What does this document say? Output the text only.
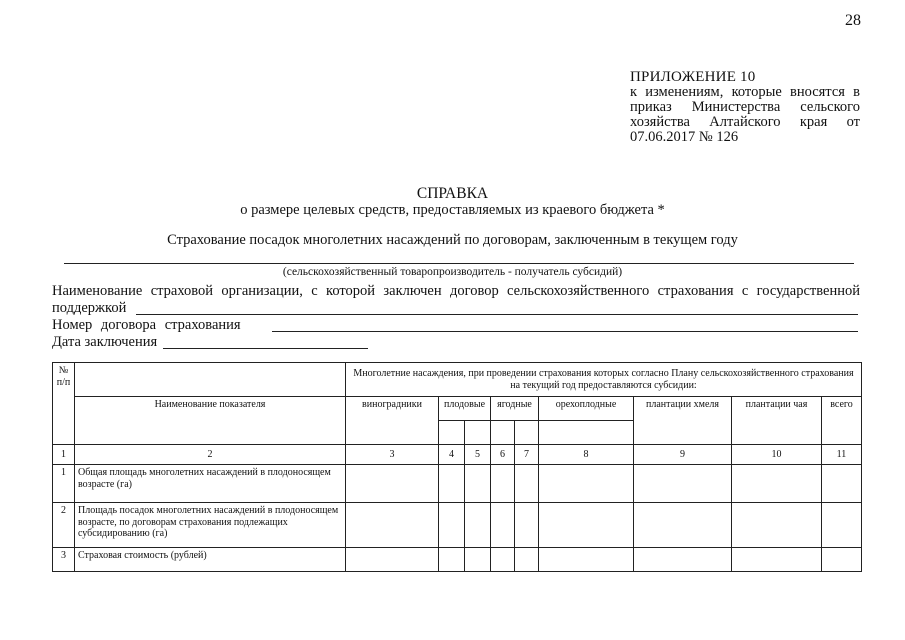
28
ПРИЛОЖЕНИЕ 10
к изменениям, которые вносятся в
приказ Министерства сельского
хозяйства Алтайского края от
07.06.2017 № 126
СПРАВКА
о размере целевых средств, предоставляемых из краевого бюджета *
Страхование посадок многолетних насаждений по договорам, заключенным в текущем году
(сельскохозяйственный товаропроизводитель - получатель субсидий)
Наименование страховой организации, с которой заключен договор сельскохозяйственного страхования с государственной
поддержкой
Номер договора страхования
Дата заключения
№ п/п		Многолетние насаждения, при проведении страхования которых согласно Плану сельскохозяйственного страхования на текущий год предоставляются субсидии:								
	Наименование показателя	виноградники	плодовые		ягодные		орехоплодные	плантации хмеля	плантации чая	всего

1	2	3	4	5	6	7	8	9	10	11
1	Общая площадь многолетних насаждений в плодоносящем возрасте (га)									
2	Площадь посадок многолетних насаждений в плодоносящем возрасте, по договорам страхования подлежащих субсидированию (га)									
3	Страховая стоимость (рублей)									
